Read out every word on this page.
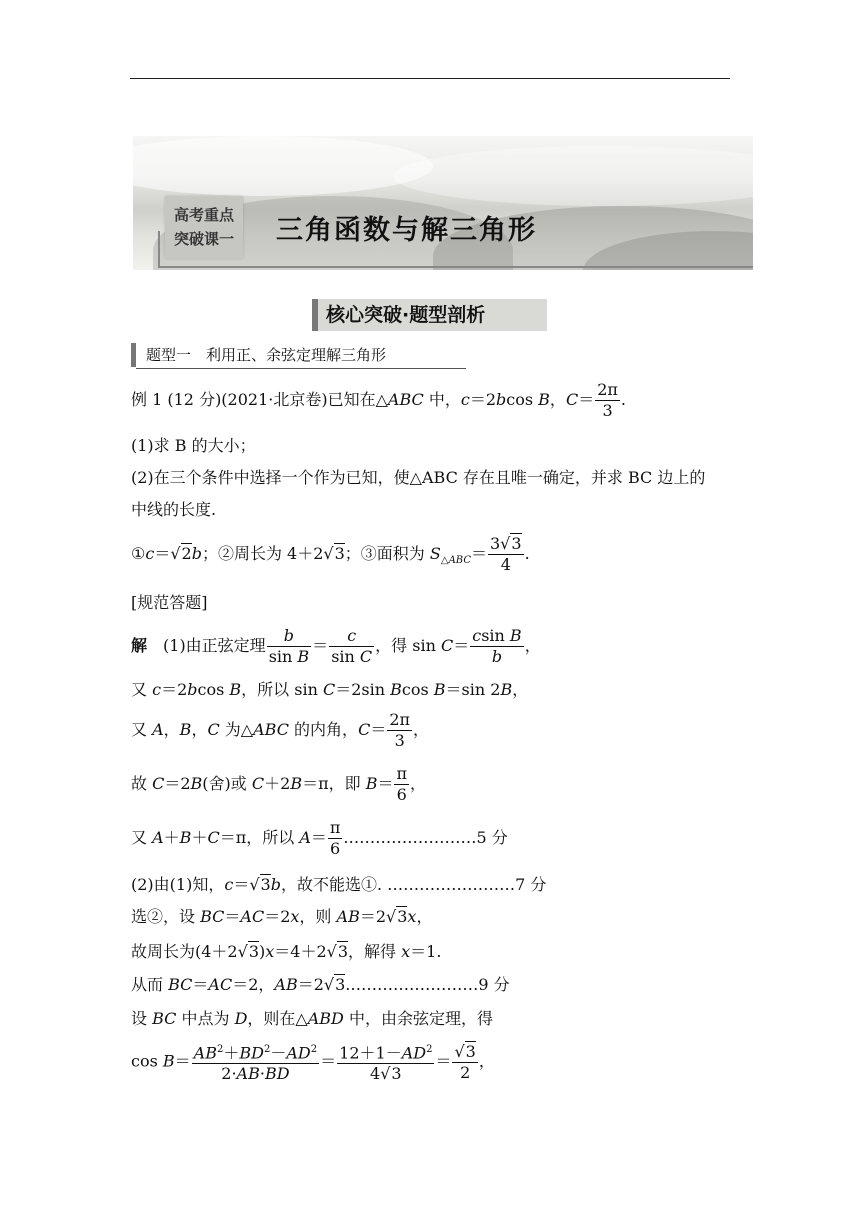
高考重点
突破课一	三角函数与解三角形
核心突破·题型剖析
题型一　利用正、余弦定理解三角形
例 1 (12 分)(2021·北京卷)已知在△ABC 中，c＝2bcos B，$C= \frac{2\pi}{3}$ .
(1)求 B 的大小；
(2)在三个条件中选择一个作为已知，使△ABC 存在且唯一确定，并求 BC 边上的
中线的长度.
①c＝√2b；②周长为 4＋2√3；③面积为 $S_{\triangle ABC}= \frac{3√3}{4}$ .
[规范答题]
解　(1)由正弦定理 $\frac{b}{\text{sin B}} = \frac{c}{\text{sin C}}$ ，得 $\sin C= \frac{\text{csin B}}{b}$ ，
又 c＝2bcos B，所以 sin C＝2sin Bcos B＝sin 2B，
又 A，B，C 为△ABC 的内角，$C= \frac{2\pi}{3}$ ，
故 C＝2B(舍)或 C＋2B＝π，即 $B= \frac{\pi}{6}$ ，
又 A＋B＋C＝π，所以 $A= \frac{\pi}{6}$ .……………………5 分
(2)由(1)知，c＝√3b，故不能选①. ……………………7 分
选②，设 BC＝AC＝2x，则 AB＝2√3x，
故周长为(4＋2√3)x＝4＋2√3，解得 x＝1.
从而 BC＝AC＝2，AB＝2√3.……………………9 分
设 BC 中点为 D，则在△ABD 中，由余弦定理，得
$\cos B= \frac{AB^2+BD^2-AD^2}{2\cdot AB\cdot BD} = \frac{12+1-AD^2}{4√3} = \frac{√3}{2}$ ，
